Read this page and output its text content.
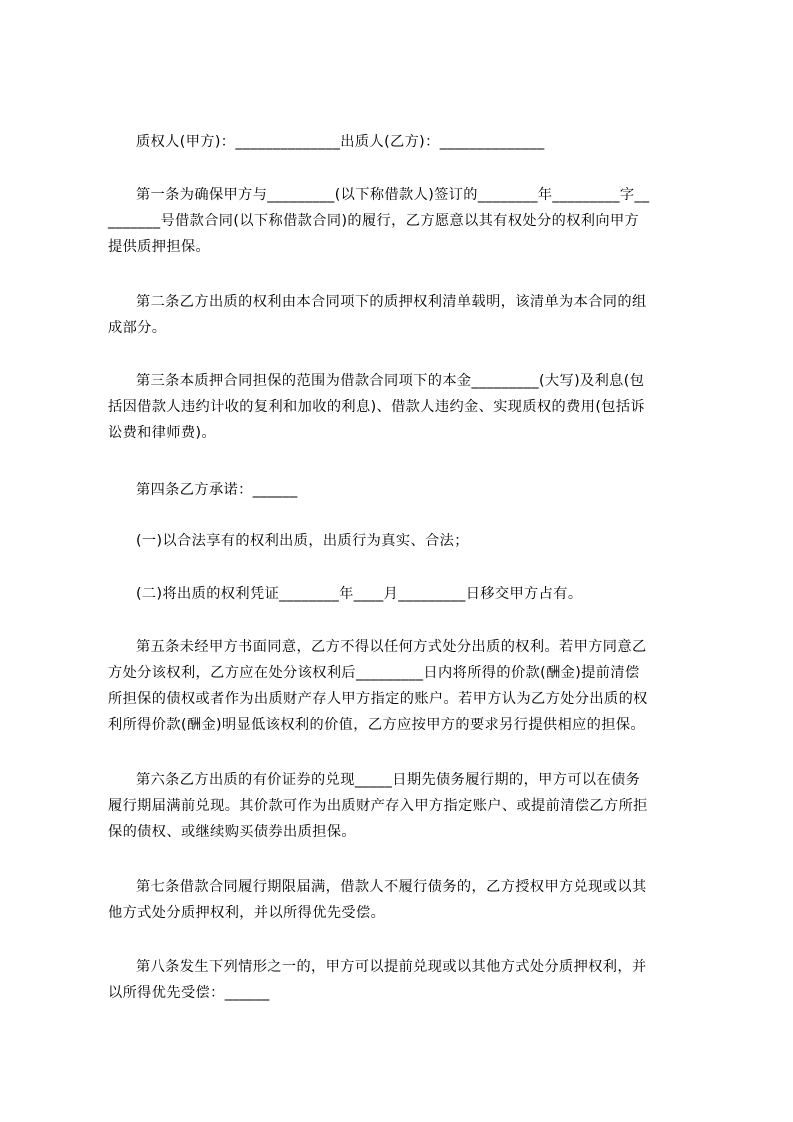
质权人(甲方)：______________出质人(乙方)：______________

第一条为确保甲方与_________(以下称借款人)签订的________年_________字__
_______号借款合同(以下称借款合同)的履行，乙方愿意以其有权处分的权利向甲方
提供质押担保。

第二条乙方出质的权利由本合同项下的质押权利清单载明，该清单为本合同的组
成部分。

第三条本质押合同担保的范围为借款合同项下的本金_________(大写)及利息(包
括因借款人违约计收的复利和加收的利息)、借款人违约金、实现质权的费用(包括诉
讼费和律师费)。

第四条乙方承诺：______

(一)以合法享有的权利出质，出质行为真实、合法；

(二)将出质的权利凭证________年____月_________日移交甲方占有。

第五条未经甲方书面同意，乙方不得以任何方式处分出质的权利。若甲方同意乙
方处分该权利，乙方应在处分该权利后_________日内将所得的价款(酬金)提前清偿
所担保的债权或者作为出质财产存人甲方指定的账户。若甲方认为乙方处分出质的权
利所得价款(酬金)明显低该权利的价值，乙方应按甲方的要求另行提供相应的担保。

第六条乙方出质的有价证券的兑现_____日期先债务履行期的，甲方可以在债务
履行期届满前兑现。其价款可作为出质财产存入甲方指定账户、或提前清偿乙方所拒
保的债权、或继续购买债券出质担保。

第七条借款合同履行期限届满，借款人不履行债务的，乙方授权甲方兑现或以其
他方式处分质押权利，并以所得优先受偿。

第八条发生下列情形之一的，甲方可以提前兑现或以其他方式处分质押权利，并
以所得优先受偿：______
